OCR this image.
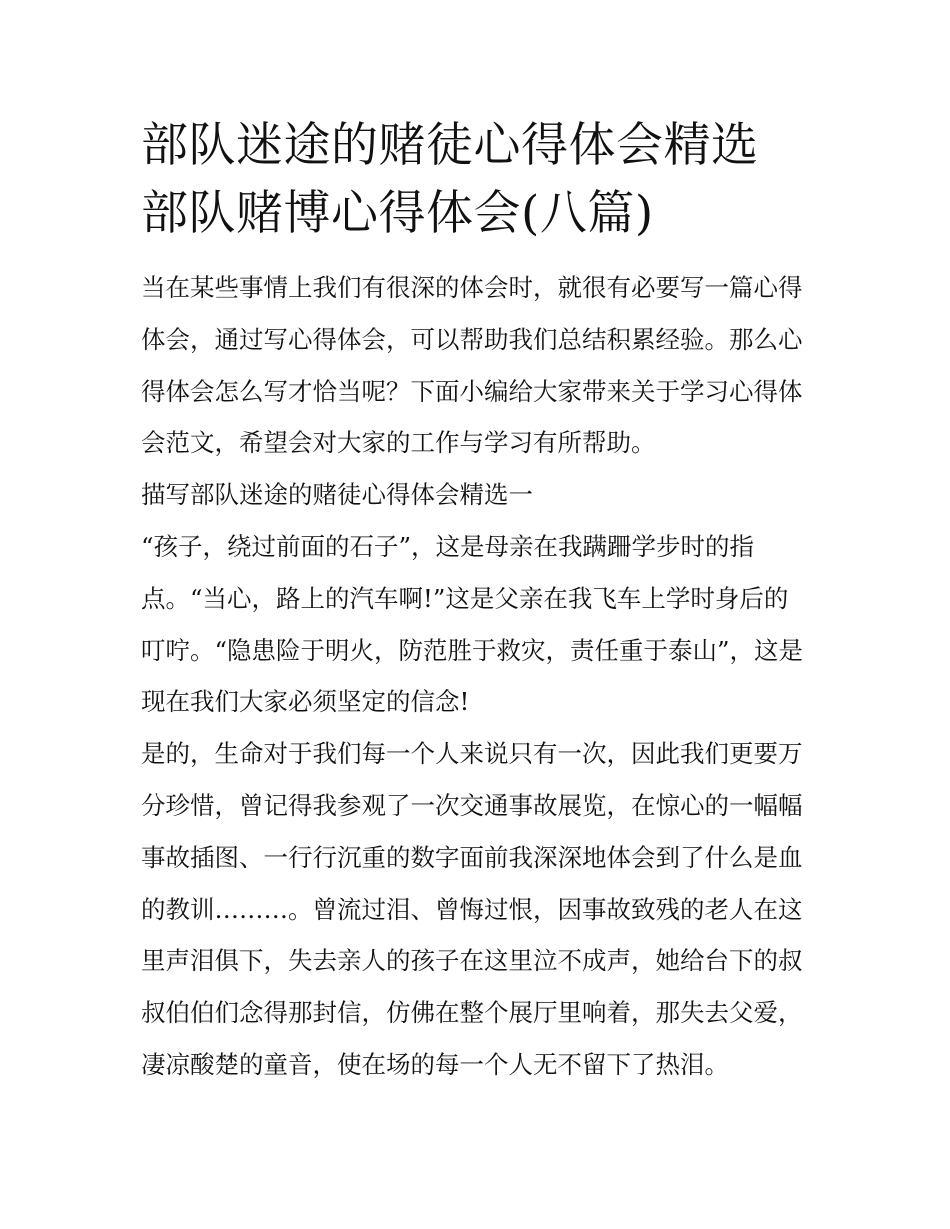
部队迷途的赌徒心得体会精选
部队赌博心得体会(八篇)

当在某些事情上我们有很深的体会时，就很有必要写一篇心得
体会，通过写心得体会，可以帮助我们总结积累经验。那么心
得体会怎么写才恰当呢？下面小编给大家带来关于学习心得体
会范文，希望会对大家的工作与学习有所帮助。

描写部队迷途的赌徒心得体会精选一

“孩子，绕过前面的石子”，这是母亲在我蹒跚学步时的指
点。“当心，路上的汽车啊!”这是父亲在我飞车上学时身后的
叮咛。“隐患险于明火，防范胜于救灾，责任重于泰山”，这是
现在我们大家必须坚定的信念!

是的，生命对于我们每一个人来说只有一次，因此我们更要万
分珍惜，曾记得我参观了一次交通事故展览，在惊心的一幅幅
事故插图、一行行沉重的数字面前我深深地体会到了什么是血
的教训………。曾流过泪、曾悔过恨，因事故致残的老人在这
里声泪俱下，失去亲人的孩子在这里泣不成声，她给台下的叔
叔伯伯们念得那封信，仿佛在整个展厅里响着，那失去父爱，
凄凉酸楚的童音，使在场的每一个人无不留下了热泪。
